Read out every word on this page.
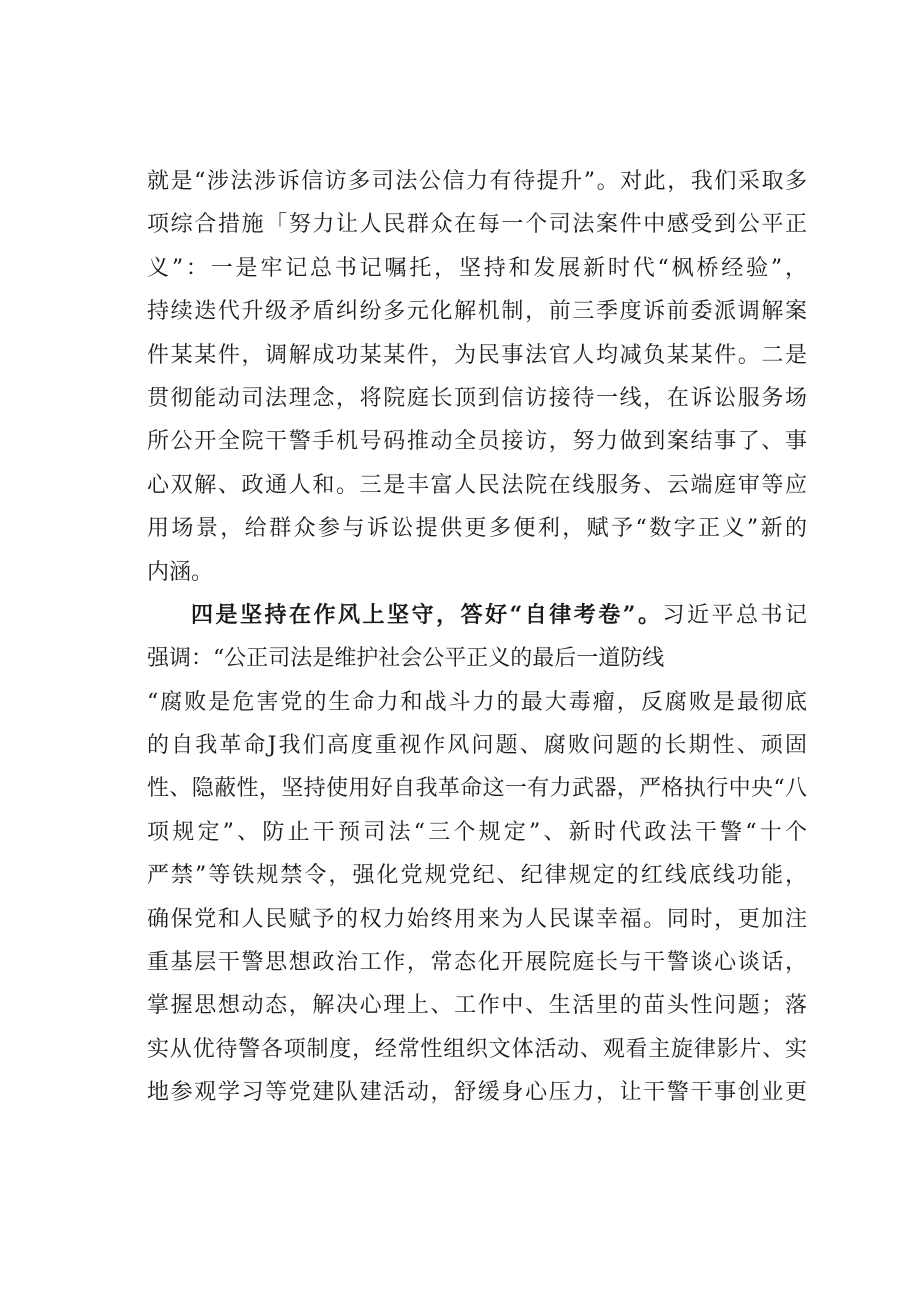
就是“涉法涉诉信访多司法公信力有待提升”。对此，我们采取多
项综合措施「努力让人民群众在每一个司法案件中感受到公平正
义”：一是牢记总书记嘱托，坚持和发展新时代“枫桥经验”，
持续迭代升级矛盾纠纷多元化解机制，前三季度诉前委派调解案
件某某件，调解成功某某件，为民事法官人均减负某某件。二是
贯彻能动司法理念，将院庭长顶到信访接待一线，在诉讼服务场
所公开全院干警手机号码推动全员接访，努力做到案结事了、事
心双解、政通人和。三是丰富人民法院在线服务、云端庭审等应
用场景，给群众参与诉讼提供更多便利，赋予“数字正义”新的
内涵。
四是坚持在作风上坚守，答好“自律考卷”。习近平总书记
强调：“公正司法是维护社会公平正义的最后一道防线
“腐败是危害党的生命力和战斗力的最大毒瘤，反腐败是最彻底
的自我革命J我们高度重视作风问题、腐败问题的长期性、顽固
性、隐蔽性，坚持使用好自我革命这一有力武器，严格执行中央“八
项规定”、防止干预司法“三个规定”、新时代政法干警“十个
严禁”等铁规禁令，强化党规党纪、纪律规定的红线底线功能，
确保党和人民赋予的权力始终用来为人民谋幸福。同时，更加注
重基层干警思想政治工作，常态化开展院庭长与干警谈心谈话，
掌握思想动态，解决心理上、工作中、生活里的苗头性问题；落
实从优待警各项制度，经常性组织文体活动、观看主旋律影片、实
地参观学习等党建队建活动，舒缓身心压力，让干警干事创业更
